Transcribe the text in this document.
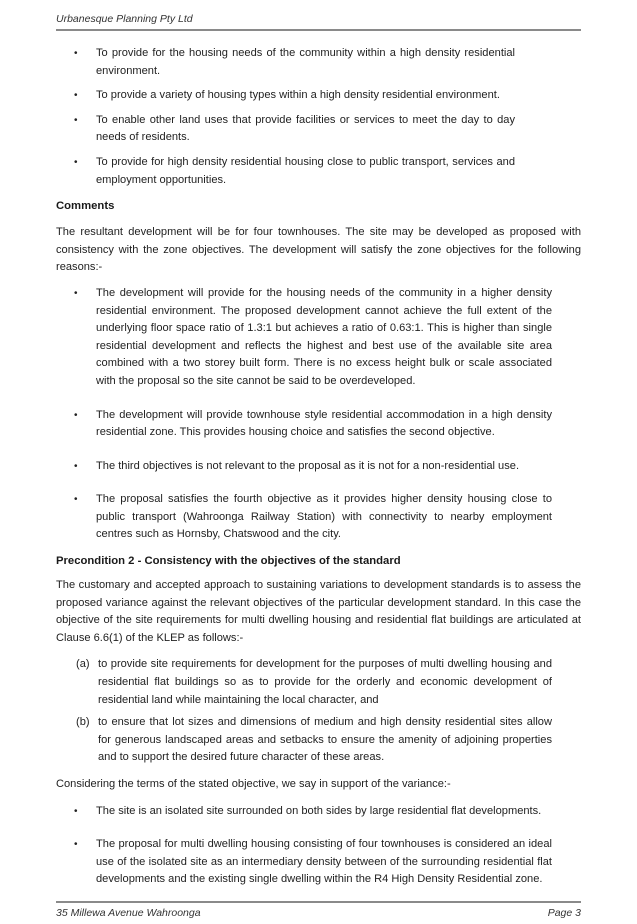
Urbanesque Planning Pty Ltd
• To provide for the housing needs of the community within a high density residential environment.
• To provide a variety of housing types within a high density residential environment.
• To enable other land uses that provide facilities or services to meet the day to day needs of residents.
• To provide for high density residential housing close to public transport, services and employment opportunities.
Comments

The resultant development will be for four townhouses. The site may be developed as proposed with consistency with the zone objectives. The development will satisfy the zone objectives for the following reasons:-

• The development will provide for the housing needs of the community in a higher density residential environment. The proposed development cannot achieve the full extent of the underlying floor space ratio of 1.3:1 but achieves a ratio of 0.63:1. This is higher than single residential development and reflects the highest and best use of the available site area combined with a two storey built form. There is no excess height bulk or scale associated with the proposal so the site cannot be said to be overdeveloped.
• The development will provide townhouse style residential accommodation in a high density residential zone. This provides housing choice and satisfies the second objective.
• The third objectives is not relevant to the proposal as it is not for a non-residential use.
• The proposal satisfies the fourth objective as it provides higher density housing close to public transport (Wahroonga Railway Station) with connectivity to nearby employment centres such as Hornsby, Chatswood and the city.
Precondition 2 - Consistency with the objectives of the standard

The customary and accepted approach to sustaining variations to development standards is to assess the proposed variance against the relevant objectives of the particular development standard. In this case the objective of the site requirements for multi dwelling housing and residential flat buildings are articulated at Clause 6.6(1) of the KLEP as follows:-

(a) to provide site requirements for development for the purposes of multi dwelling housing and residential flat buildings so as to provide for the orderly and economic development of residential land while maintaining the local character, and
(b) to ensure that lot sizes and dimensions of medium and high density residential sites allow for generous landscaped areas and setbacks to ensure the amenity of adjoining properties and to support the desired future character of these areas.

Considering the terms of the stated objective, we say in support of the variance:-

• The site is an isolated site surrounded on both sides by large residential flat developments.
• The proposal for multi dwelling housing consisting of four townhouses is considered an ideal use of the isolated site as an intermediary density between of the surrounding residential flat developments and the existing single dwelling within the R4 High Density Residential zone.
35 Millewa Avenue Wahroonga	Page 3
